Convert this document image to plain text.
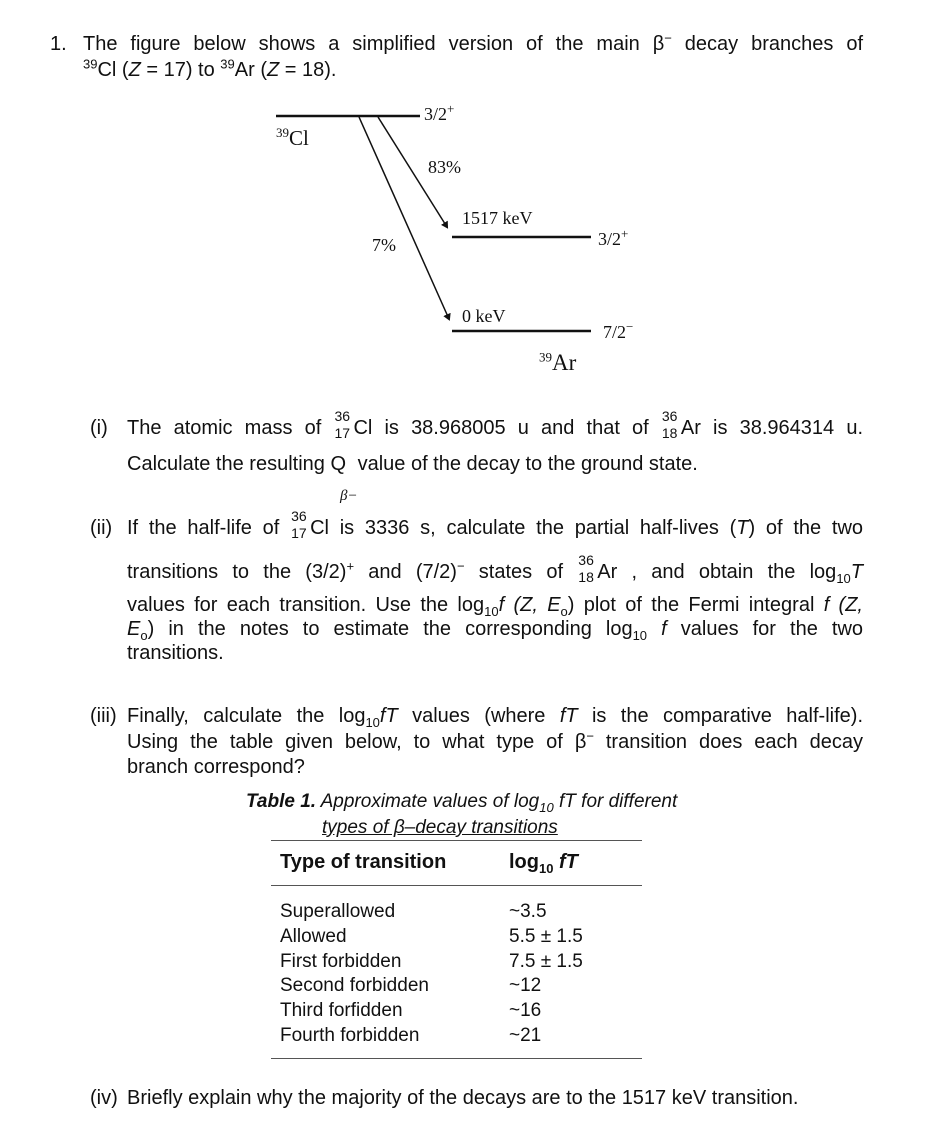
1. The figure below shows a simplified version of the main β− decay branches of
$^{39}$Cl (Z = 17) to $^{39}$Ar (Z = 18).
$^{39}$Cl
3/2+
83%
7%
1517 keV
3/2+
0 keV
7/2−
$^{39}$Ar
(i) The atomic mass of
36
17 Cl is 38.968005 u and that of
36
18 Ar is 38.964314 u.
Calculate the resulting Q
β−
value of the decay to the ground state.
(ii) If the half-life of
36
17 Cl is 3336 s, calculate the partial half-lives (T) of the two
transitions to the (3/2)+ and (7/2)− states of
36
18 Ar , and obtain the $\log_{10}T$
values for each transition. Use the $\log_{10}f$ (Z, $E_o$) plot of the Fermi integral f (Z,
$E_o$) in the notes to estimate the corresponding $\log_{10} f$ values for the two
transitions.
(iii) Finally, calculate the $\log_{10}fT$ values (where fT is the comparative half-life).
Using the table given below, to what type of β− transition does each decay
branch correspond?
Table 1. Approximate values of $\log_{10}$ fT for different
types of β–decay transitions
Type of transition	$\log_{10}$ fT
Superallowed	~3.5
Allowed	5.5 ± 1.5
First forbidden	7.5 ± 1.5
Second forbidden	~12
Third forfidden	~16
Fourth forbidden	~21
(iv) Briefly explain why the majority of the decays are to the 1517 keV transition.
